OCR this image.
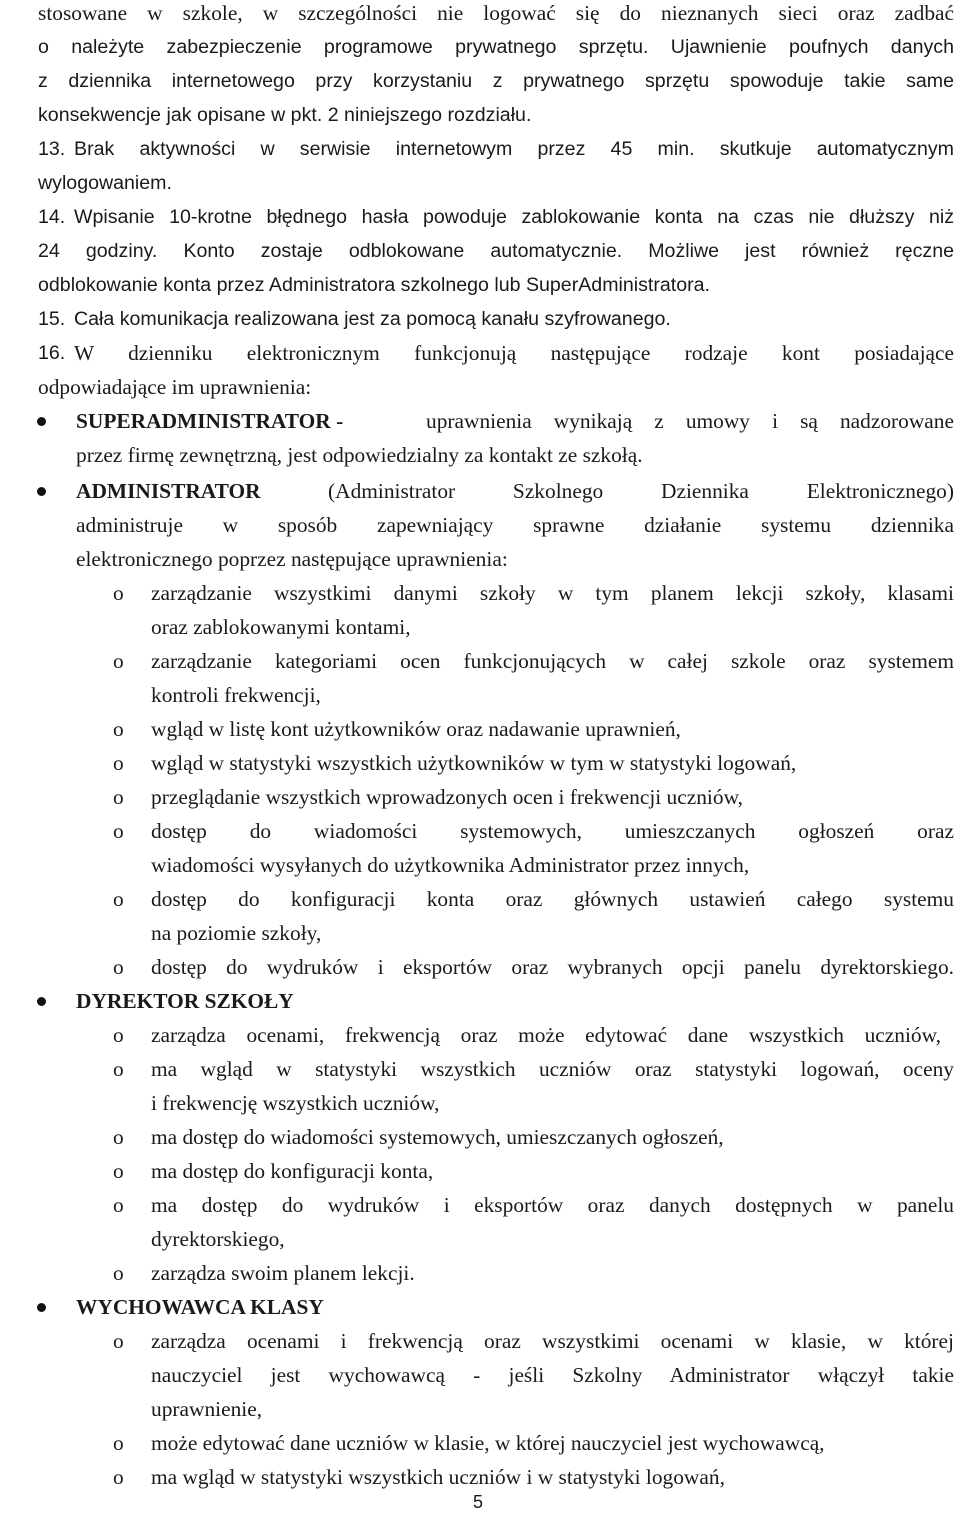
stosowane w szkole, w szczególności nie logować się do nieznanych sieci oraz zadbać
o należyte zabezpieczenie programowe prywatnego sprzętu. Ujawnienie poufnych danych
z dziennika internetowego przy korzystaniu z prywatnego sprzętu spowoduje takie same
konsekwencje jak opisane w pkt. 2 niniejszego rozdziału.
13. Brak aktywności w serwisie internetowym przez 45 min. skutkuje automatycznym
wylogowaniem.
14. Wpisanie 10-krotne błędnego hasła powoduje zablokowanie konta na czas nie dłuższy niż
24 godziny. Konto zostaje odblokowane automatycznie. Możliwe jest również ręczne
odblokowanie konta przez Administratora szkolnego lub SuperAdministratora.
15. Cała komunikacja realizowana jest za pomocą kanału szyfrowanego.
16. W dzienniku elektronicznym funkcjonują następujące rodzaje kont posiadające
odpowiadające im uprawnienia:
SUPERADMINISTRATOR -	uprawnienia wynikają z umowy i są nadzorowane
przez firmę zewnętrzną, jest odpowiedzialny za kontakt ze szkołą.
ADMINISTRATOR	(Administrator Szkolnego Dziennika Elektronicznego)
administruje w sposób zapewniający sprawne działanie systemu dziennika
elektronicznego poprzez następujące uprawnienia:
o zarządzanie wszystkimi danymi szkoły w tym planem lekcji szkoły, klasami
oraz zablokowanymi kontami,
o zarządzanie kategoriami ocen funkcjonujących w całej szkole oraz systemem
kontroli frekwencji,
o wgląd w listę kont użytkowników oraz nadawanie uprawnień,
o wgląd w statystyki wszystkich użytkowników w tym w statystyki logowań,
o przeglądanie wszystkich wprowadzonych ocen i frekwencji uczniów,
o dostęp do wiadomości systemowych, umieszczanych ogłoszeń oraz
wiadomości wysyłanych do użytkownika Administrator przez innych,
o dostęp do konfiguracji konta oraz głównych ustawień całego systemu
na poziomie szkoły,
o dostęp do wydruków i eksportów oraz wybranych opcji panelu dyrektorskiego.
DYREKTOR SZKOŁY
o zarządza ocenami, frekwencją oraz może edytować dane wszystkich uczniów,
o ma wgląd w statystyki wszystkich uczniów oraz statystyki logowań, oceny
i frekwencję wszystkich uczniów,
o ma dostęp do wiadomości systemowych, umieszczanych ogłoszeń,
o ma dostęp do konfiguracji konta,
o ma dostęp do wydruków i eksportów oraz danych dostępnych w panelu
dyrektorskiego,
o zarządza swoim planem lekcji.
WYCHOWAWCA KLASY
o zarządza ocenami i frekwencją oraz wszystkimi ocenami w klasie, w której
nauczyciel jest wychowawcą - jeśli Szkolny Administrator włączył takie
uprawnienie,
o może edytować dane uczniów w klasie, w której nauczyciel jest wychowawcą,
o ma wgląd w statystyki wszystkich uczniów i w statystyki logowań,
5
